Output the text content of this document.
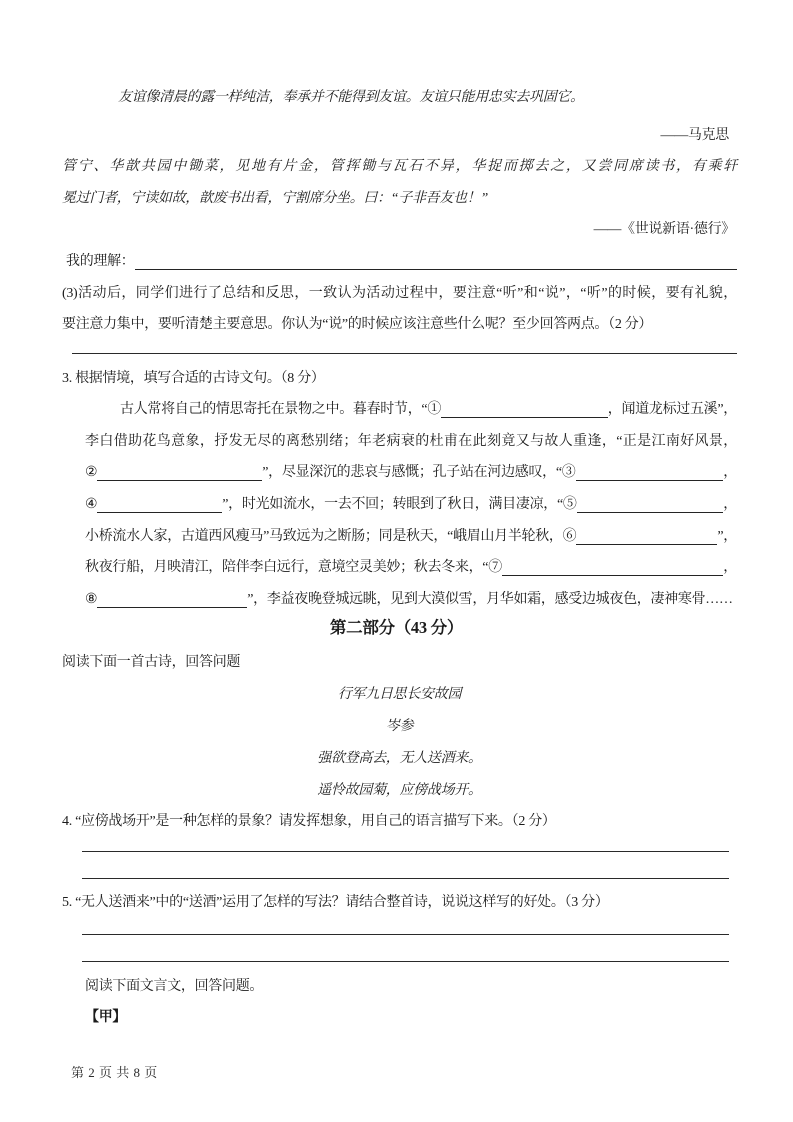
友谊像清晨的露一样纯洁，奉承并不能得到友谊。友谊只能用忠实去巩固它。
——马克思
管宁、华歆共园中锄菜，见地有片金，管挥锄与瓦石不异，华捉而掷去之，又尝同席读书，有乘轩
冕过门者，宁读如故，歆废书出看，宁割席分坐。曰：“子非吾友也！”
——《世说新语·德行》
我的理解：
(3)活动后，同学们进行了总结和反思，一致认为活动过程中，要注意“听”和“说”，“听”的时候，要有礼貌，
要注意力集中，要听清楚主要意思。你认为“说”的时候应该注意些什么呢？至少回答两点。（2 分）
3. 根据情境，填写合适的古诗文句。（8 分）
古人常将自己的情思寄托在景物之中。暮春时节，“①	，闻道龙标过五溪”，
李白借助花鸟意象，抒发无尽的离愁别绪；年老病衰的杜甫在此刻竟又与故人重逢，“正是江南好风景，
②	”，尽显深沉的悲哀与感慨；孔子站在河边感叹，“③	，
④	”，时光如流水，一去不回；转眼到了秋日，满目凄凉，“⑤	，
小桥流水人家，古道西风瘦马”马致远为之断肠；同是秋天，“峨眉山月半轮秋，⑥	”，
秋夜行船，月映清江，陪伴李白远行，意境空灵美妙；秋去冬来，“⑦	，
⑧	”，李益夜晚登城远眺，见到大漠似雪，月华如霜，感受边城夜色，凄神寒骨……
第二部分（43 分）
阅读下面一首古诗，回答问题
行军九日思长安故园
岑参
强欲登高去，无人送酒来。
遥怜故园菊，应傍战场开。
4. “应傍战场开”是一种怎样的景象？请发挥想象，用自己的语言描写下来。（2 分）
5. “无人送酒来”中的“送酒”运用了怎样的写法？请结合整首诗，说说这样写的好处。（3 分）
阅读下面文言文，回答问题。
【甲】
第 2 页 共 8 页
